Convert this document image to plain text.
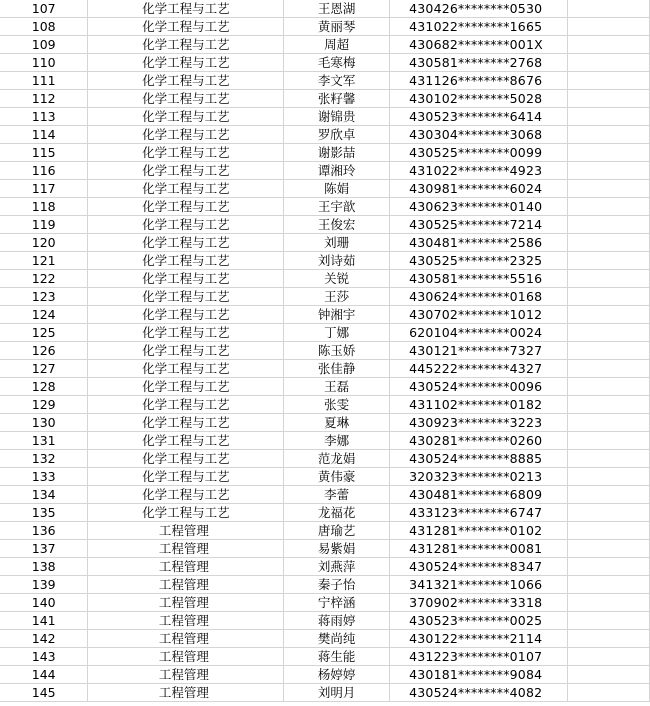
107	化学工程与工艺	王恩湖	430426********0530	
108	化学工程与工艺	黄丽琴	431022********1665	
109	化学工程与工艺	周超	430682********001X	
110	化学工程与工艺	毛寒梅	430581********2768	
111	化学工程与工艺	李文军	431126********8676	
112	化学工程与工艺	张籽馨	430102********5028	
113	化学工程与工艺	谢锦贵	430523********6414	
114	化学工程与工艺	罗欣卓	430304********3068	
115	化学工程与工艺	谢影喆	430525********0099	
116	化学工程与工艺	谭湘玲	431022********4923	
117	化学工程与工艺	陈娟	430981********6024	
118	化学工程与工艺	王宇歆	430623********0140	
119	化学工程与工艺	王俊宏	430525********7214	
120	化学工程与工艺	刘珊	430481********2586	
121	化学工程与工艺	刘诗茹	430525********2325	
122	化学工程与工艺	关锐	430581********5516	
123	化学工程与工艺	王莎	430624********0168	
124	化学工程与工艺	钟湘宇	430702********1012	
125	化学工程与工艺	丁娜	620104********0024	
126	化学工程与工艺	陈玉娇	430121********7327	
127	化学工程与工艺	张佳静	445222********4327	
128	化学工程与工艺	王磊	430524********0096	
129	化学工程与工艺	张雯	431102********0182	
130	化学工程与工艺	夏琳	430923********3223	
131	化学工程与工艺	李娜	430281********0260	
132	化学工程与工艺	范龙娟	430524********8885	
133	化学工程与工艺	黄伟豪	320323********0213	
134	化学工程与工艺	李蕾	430481********6809	
135	化学工程与工艺	龙福花	433123********6747	
136	工程管理	唐瑜艺	431281********0102	
137	工程管理	易紫娟	431281********0081	
138	工程管理	刘燕萍	430524********8347	
139	工程管理	秦子怡	341321********1066	
140	工程管理	宁梓涵	370902********3318	
141	工程管理	蒋雨婷	430523********0025	
142	工程管理	樊尚纯	430122********2114	
143	工程管理	蒋生能	431223********0107	
144	工程管理	杨婷婷	430181********9084	
145	工程管理	刘明月	430524********4082	
